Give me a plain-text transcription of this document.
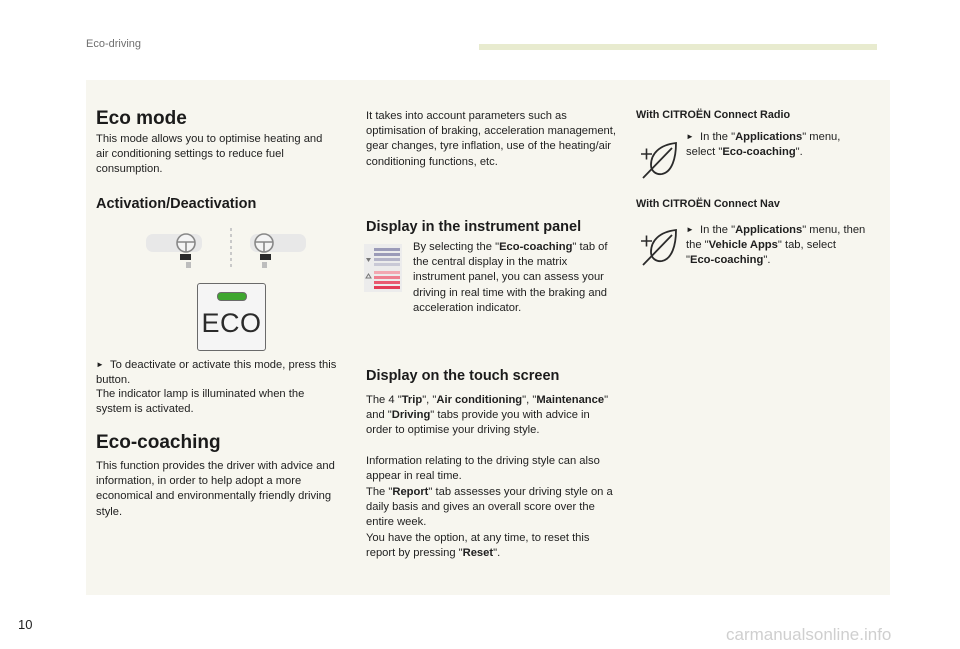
Eco-driving
Eco mode

This mode allows you to optimise heating and air conditioning settings to reduce fuel consumption.

Activation/Deactivation
ECO

► To deactivate or activate this mode, press this button.

The indicator lamp is illuminated when the system is activated.

Eco-coaching

This function provides the driver with advice and information, in order to help adopt a more economical and environmentally friendly driving style.

It takes into account parameters such as optimisation of braking, acceleration management, gear changes, tyre inflation, use of the heating/air conditioning functions, etc.

Display in the instrument panel

By selecting the "Eco-coaching" tab of the central display in the matrix instrument panel, you can assess your driving in real time with the braking and acceleration indicator.

Display on the touch screen

The 4 "Trip", "Air conditioning", "Maintenance" and "Driving" tabs provide you with advice in order to optimise your driving style.

Information relating to the driving style can also appear in real time.

The "Report" tab assesses your driving style on a daily basis and gives an overall score over the entire week.

You have the option, at any time, to reset this report by pressing "Reset".

With CITROËN Connect Radio

► In the "Applications" menu, select "Eco-coaching".

With CITROËN Connect Nav

► In the "Applications" menu, then the "Vehicle Apps" tab, select "Eco-coaching".

10
carmanualsonline.info
